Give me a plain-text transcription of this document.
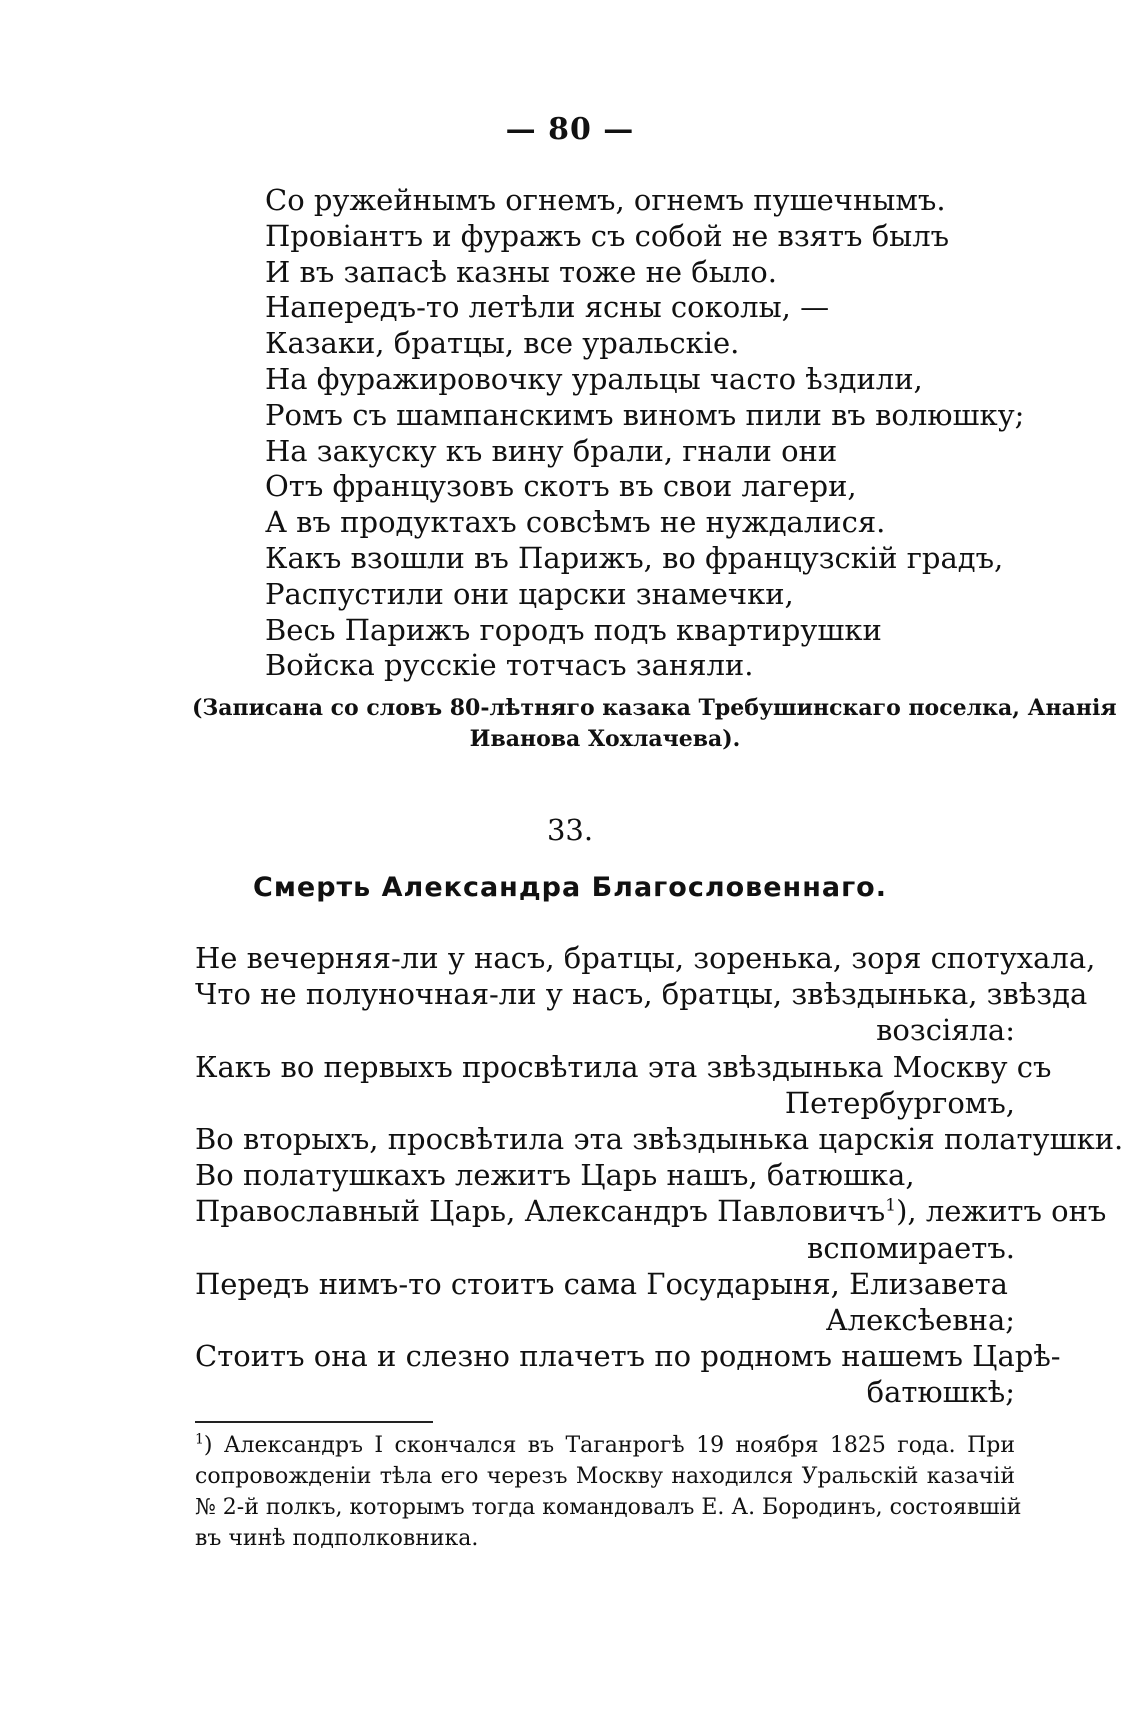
— 80 —
Со ружейнымъ огнемъ, огнемъ пушечнымъ.
Провіантъ и фуражъ съ собой не взятъ былъ
И въ запасѣ казны тоже не было.
Напередъ-то летѣли ясны соколы, —
Казаки, братцы, все уральскіе.
На фуражировочку уральцы часто ѣздили,
Ромъ съ шампанскимъ виномъ пили въ волюшку;
На закуску къ вину брали, гнали они
Отъ французовъ скотъ въ свои лагери,
А въ продуктахъ совсѣмъ не нуждалися.
Какъ взошли въ Парижъ, во французскій градъ,
Распустили они царски знамечки,
Весь Парижъ городъ подъ квартирушки
Войска русскіе тотчасъ заняли.
(Записана со словъ 80-лѣтняго казака Требушинскаго поселка, Ананія
Иванова Хохлачева).
33.
Смерть Александра Благословеннаго.
Не вечерняя-ли у насъ, братцы, зоренька, зоря спотухала,
Что не полуночная-ли у насъ, братцы, звѣздынька, звѣзда
возсіяла:
Какъ во первыхъ просвѣтила эта звѣздынька Москву съ
Петербургомъ,
Во вторыхъ, просвѣтила эта звѣздынька царскія полатушки.
Во полатушкахъ лежитъ Царь нашъ, батюшка,
Православный Царь, Александръ Павловичъ$^1$), лежитъ онъ
вспомираетъ.
Передъ нимъ-то стоитъ сама Государыня, Елизавета
Алексѣевна;
Стоитъ она и слезно плачетъ по родномъ нашемъ Царѣ-
батюшкѣ;
$^1$) Александръ I скончался въ Таганрогѣ 19 ноября 1825 года. При
сопровожденіи тѣла его черезъ Москву находился Уральскій казачій
№ 2-й полкъ, которымъ тогда командовалъ Е. А. Бородинъ, состоявшій
въ чинѣ подполковника.
